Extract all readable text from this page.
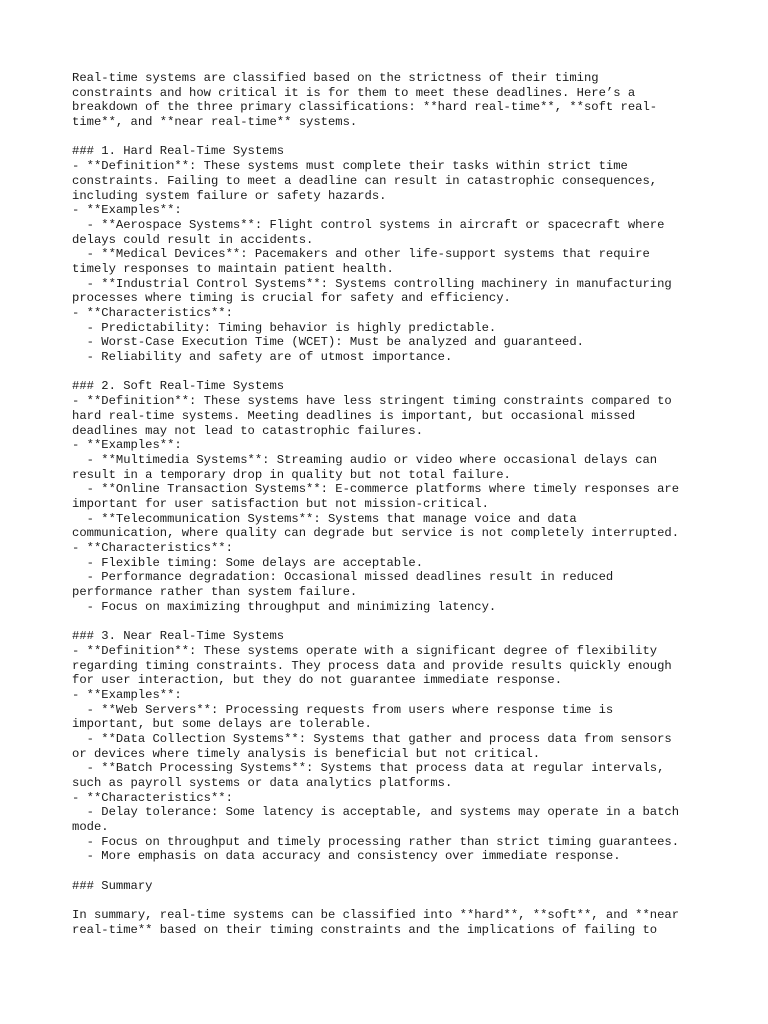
Real-time systems are classified based on the strictness of their timing
constraints and how critical it is for them to meet these deadlines. Here’s a
breakdown of the three primary classifications: **hard real-time**, **soft real-
time**, and **near real-time** systems.
### 1. Hard Real-Time Systems
- **Definition**: These systems must complete their tasks within strict time
constraints. Failing to meet a deadline can result in catastrophic consequences,
including system failure or safety hazards.
- **Examples**:
- **Aerospace Systems**: Flight control systems in aircraft or spacecraft where
delays could result in accidents.
- **Medical Devices**: Pacemakers and other life-support systems that require
timely responses to maintain patient health.
- **Industrial Control Systems**: Systems controlling machinery in manufacturing
processes where timing is crucial for safety and efficiency.
- **Characteristics**:
- Predictability: Timing behavior is highly predictable.
- Worst-Case Execution Time (WCET): Must be analyzed and guaranteed.
- Reliability and safety are of utmost importance.
### 2. Soft Real-Time Systems
- **Definition**: These systems have less stringent timing constraints compared to
hard real-time systems. Meeting deadlines is important, but occasional missed
deadlines may not lead to catastrophic failures.
- **Examples**:
- **Multimedia Systems**: Streaming audio or video where occasional delays can
result in a temporary drop in quality but not total failure.
- **Online Transaction Systems**: E-commerce platforms where timely responses are
important for user satisfaction but not mission-critical.
- **Telecommunication Systems**: Systems that manage voice and data
communication, where quality can degrade but service is not completely interrupted.
- **Characteristics**:
- Flexible timing: Some delays are acceptable.
- Performance degradation: Occasional missed deadlines result in reduced
performance rather than system failure.
- Focus on maximizing throughput and minimizing latency.
### 3. Near Real-Time Systems
- **Definition**: These systems operate with a significant degree of flexibility
regarding timing constraints. They process data and provide results quickly enough
for user interaction, but they do not guarantee immediate response.
- **Examples**:
- **Web Servers**: Processing requests from users where response time is
important, but some delays are tolerable.
- **Data Collection Systems**: Systems that gather and process data from sensors
or devices where timely analysis is beneficial but not critical.
- **Batch Processing Systems**: Systems that process data at regular intervals,
such as payroll systems or data analytics platforms.
- **Characteristics**:
- Delay tolerance: Some latency is acceptable, and systems may operate in a batch
mode.
- Focus on throughput and timely processing rather than strict timing guarantees.
- More emphasis on data accuracy and consistency over immediate response.
### Summary
In summary, real-time systems can be classified into **hard**, **soft**, and **near
real-time** based on their timing constraints and the implications of failing to
